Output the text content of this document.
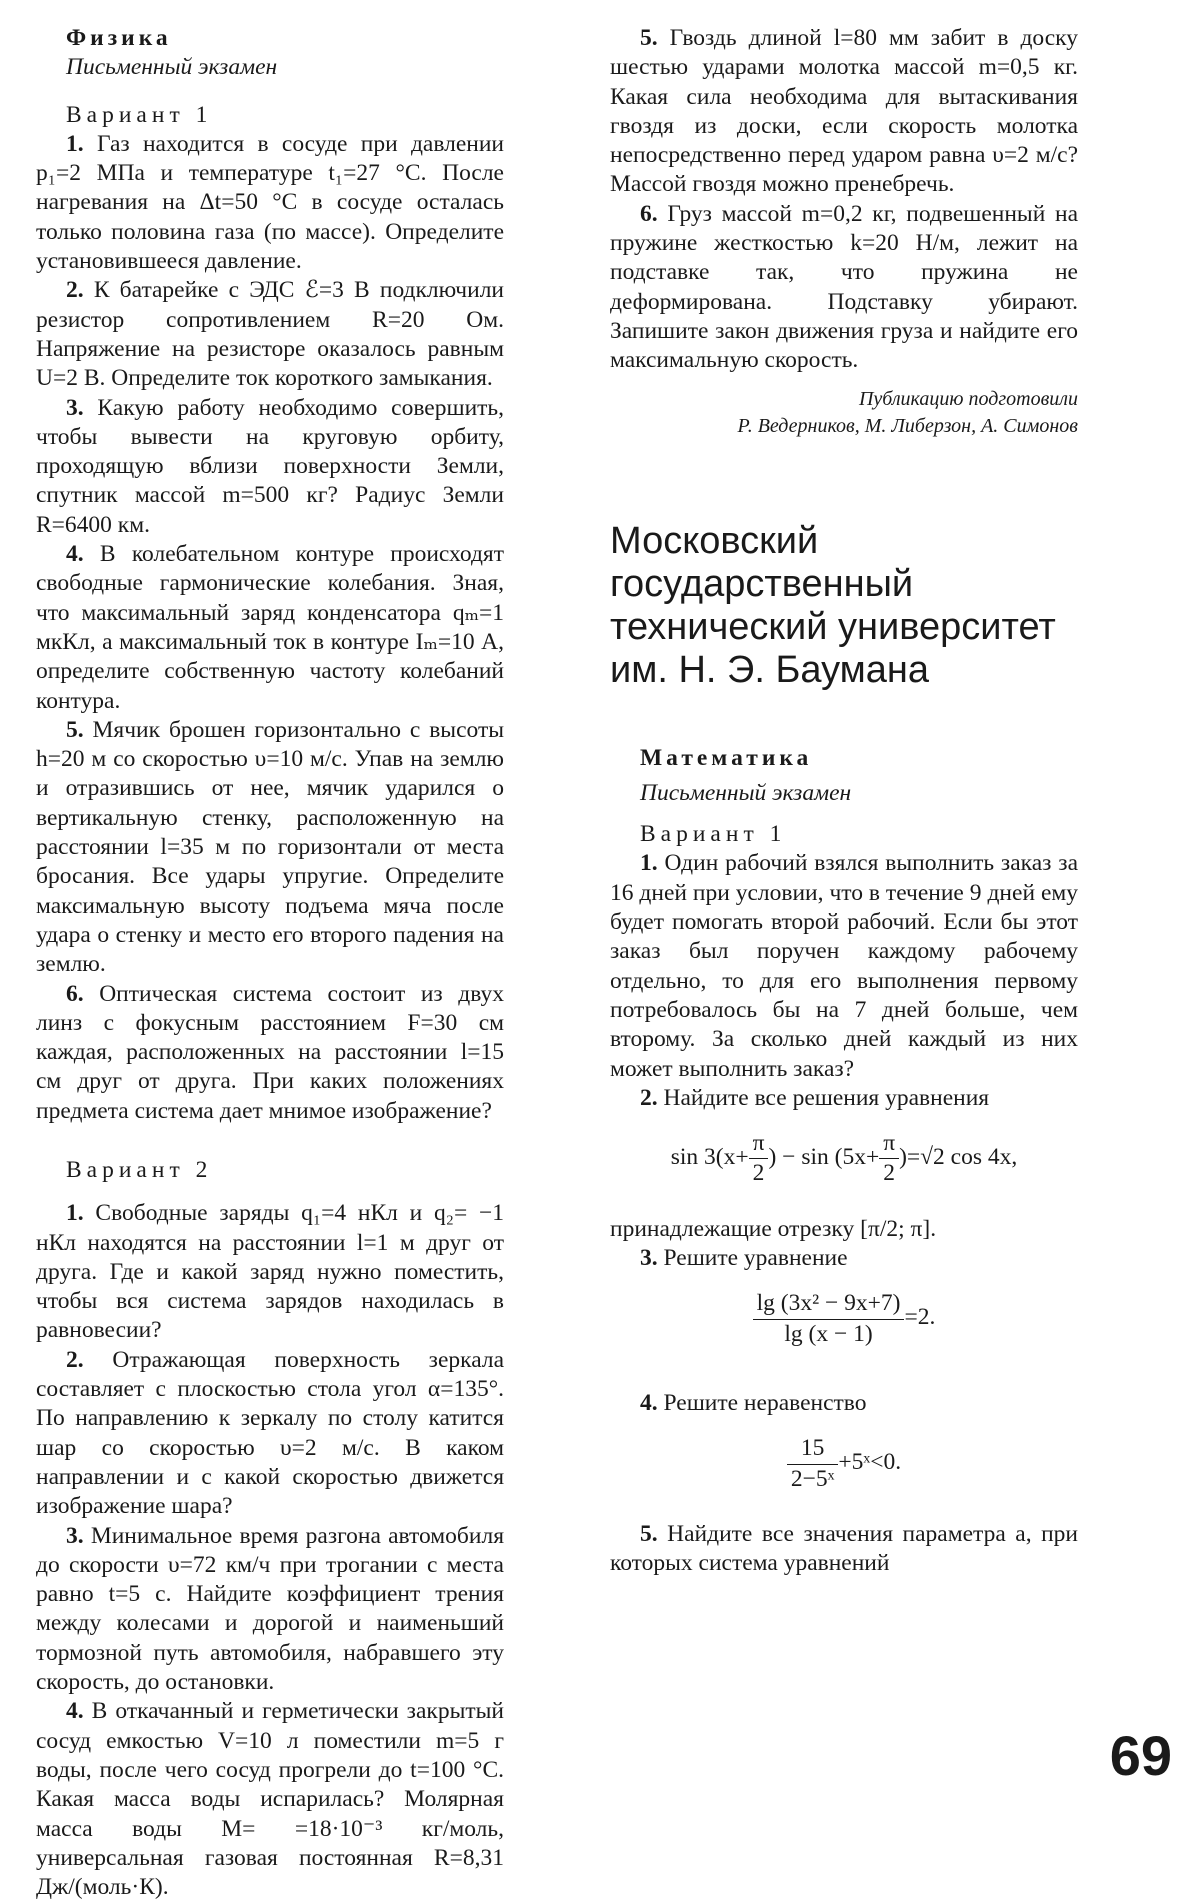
Физика

Письменный экзамен

Вариант 1

1. Газ находится в сосуде при давлении p₁=2 МПа и температуре t₁=27 °С. После нагревания на Δt=50 °С в сосуде осталась только половина газа (по массе). Определите установившееся давление.

2. К батарейке с ЭДС ℰ=3 В подключили резистор сопротивлением R=20 Ом. Напряжение на резисторе оказалось равным U=2 В. Определите ток короткого замыкания.

3. Какую работу необходимо совершить, чтобы вывести на круговую орбиту, проходящую вблизи поверхности Земли, спутник массой m=500 кг? Радиус Земли R=6400 км.

4. В колебательном контуре происходят свободные гармонические колебания. Зная, что максимальный заряд конденсатора qₘ=1 мкКл, а максимальный ток в контуре Iₘ=10 А, определите собственную частоту колебаний контура.

5. Мячик брошен горизонтально с высоты h=20 м со скоростью υ=10 м/с. Упав на землю и отразившись от нее, мячик ударился о вертикальную стенку, расположенную на расстоянии l=35 м по горизонтали от места бросания. Все удары упругие. Определите максимальную высоту подъема мяча после удара о стенку и место его второго падения на землю.

6. Оптическая система состоит из двух линз с фокусным расстоянием F=30 см каждая, расположенных на расстоянии l=15 см друг от друга. При каких положениях предмета система дает мнимое изображение?

Вариант 2

1. Свободные заряды q₁=4 нКл и q₂= −1 нКл находятся на расстоянии l=1 м друг от друга. Где и какой заряд нужно поместить, чтобы вся система зарядов находилась в равновесии?

2. Отражающая поверхность зеркала составляет с плоскостью стола угол α=135°. По направлению к зеркалу по столу катится шар со скоростью υ=2 м/с. В каком направлении и с какой скоростью движется изображение шара?

3. Минимальное время разгона автомобиля до скорости υ=72 км/ч при трогании с места равно t=5 с. Найдите коэффициент трения между колесами и дорогой и наименьший тормозной путь автомобиля, набравшего эту скорость, до остановки.

4. В откачанный и герметически закрытый сосуд емкостью V=10 л поместили m=5 г воды, после чего сосуд прогрели до t=100 °С. Какая масса воды испарилась? Молярная масса воды M= =18·10⁻³ кг/моль, универсальная газовая постоянная R=8,31 Дж/(моль·К).

5. Гвоздь длиной l=80 мм забит в доску шестью ударами молотка массой m=0,5 кг. Какая сила необходима для вытаскивания гвоздя из доски, если скорость молотка непосредственно перед ударом равна υ=2 м/с? Массой гвоздя можно пренебречь.

6. Груз массой m=0,2 кг, подвешенный на пружине жесткостью k=20 Н/м, лежит на подставке так, что пружина не деформирована. Подставку убирают. Запишите закон движения груза и найдите его максимальную скорость.

Публикацию подготовили

Р. Ведерников, М. Либерзон, А. Симонов

Московский государственный технический университет им. Н. Э. Баумана

Математика

Письменный экзамен

Вариант 1

1. Один рабочий взялся выполнить заказ за 16 дней при условии, что в течение 9 дней ему будет помогать второй рабочий. Если бы этот заказ был поручен каждому рабочему отдельно, то для его выполнения первому потребовалось бы на 7 дней больше, чем второму. За сколько дней каждый из них может выполнить заказ?

2. Найдите все решения уравнения

$\sin 3(x+ \frac{\pi}{2}$ ) − $\sin (5x+ \frac{\pi}{2} )=√2$ cos 4x,

принадлежащие отрезку [π/2; π].

3. Решите уравнение

$\frac{\text{lg (3x² − 9x+7)}}{\lg (x - 1)} =2$.

4. Решите неравенство

$\frac{15}{\text{2−5ˣ}}$ +5ˣ<0.

5. Найдите все значения параметра a, при которых система уравнений

69
